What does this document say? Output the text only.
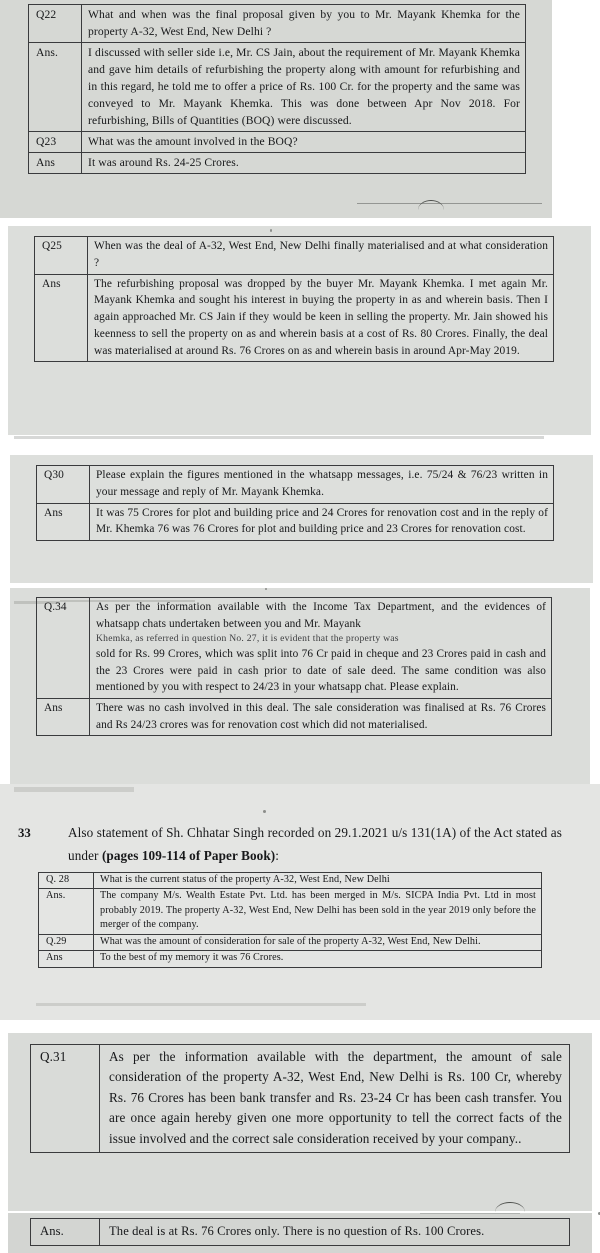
Q22	What and when was the final proposal given by you to Mr. Mayank Khemka for the property A-32, West End, New Delhi ?
Ans.	I discussed with seller side i.e, Mr. CS Jain, about the requirement of Mr. Mayank Khemka and gave him details of refurbishing the property along with amount for refurbishing and in this regard, he told me to offer a price of Rs. 100 Cr. for the property and the same was conveyed to Mr. Mayank Khemka. This was done between Apr Nov 2018. For refurbishing, Bills of Quantities (BOQ) were discussed.
Q23	What was the amount involved in the BOQ?
Ans	It was around Rs. 24-25 Crores.
Q25	When was the deal of A-32, West End, New Delhi finally materialised and at what consideration ?
Ans	The refurbishing proposal was dropped by the buyer Mr. Mayank Khemka. I met again Mr. Mayank Khemka and sought his interest in buying the property in as and wherein basis. Then I again approached Mr. CS Jain if they would be keen in selling the property. Mr. Jain showed his keenness to sell the property on as and wherein basis at a cost of Rs. 80 Crores. Finally, the deal was materialised at around Rs. 76 Crores on as and wherein basis in around Apr-May 2019.
Q30	Please explain the figures mentioned in the whatsapp messages, i.e. 75/24 & 76/23 written in your message and reply of Mr. Mayank Khemka.
Ans	It was 75 Crores for plot and building price and 24 Crores for renovation cost and in the reply of Mr. Khemka 76 was 76 Crores for plot and building price and 23 Crores for renovation cost.
Q.34	As per the information available with the Income Tax Department, and the evidences of whatsapp chats undertaken between you and Mr. Mayank
Khemka, as referred in question No. 27, it is evident that the property was
sold for Rs. 99 Crores, which was split into 76 Cr paid in cheque and 23 Crores paid in cash and the 23 Crores were paid in cash prior to date of sale deed. The same condition was also mentioned by you with respect to 24/23 in your whatsapp chat. Please explain.

Ans	There was no cash involved in this deal. The sale consideration was finalised at Rs. 76 Crores and Rs 24/23 crores was for renovation cost which did not materialised.
33	Also statement of Sh. Chhatar Singh recorded on 29.1.2021 u/s 131(1A) of the Act stated as under (pages 109-114 of Paper Book):
Q. 28	What is the current status of the property A-32, West End, New Delhi
Ans.	The company M/s. Wealth Estate Pvt. Ltd. has been merged in M/s. SICPA India Pvt. Ltd in most probably 2019. The property A-32, West End, New Delhi has been sold in the year 2019 only before the merger of the company.
Q.29	What was the amount of consideration for sale of the property A-32, West End, New Delhi.
Ans	To the best of my memory it was 76 Crores.
Q.31	As per the information available with the department, the amount of sale consideration of the property A-32, West End, New Delhi is Rs. 100 Cr, whereby Rs. 76 Crores has been bank transfer and Rs. 23-24 Cr has been cash transfer. You are once again hereby given one more opportunity to tell the correct facts of the issue involved and the correct sale consideration received by your company..
Ans.	The deal is at Rs. 76 Crores only. There is no question of Rs. 100 Crores.
